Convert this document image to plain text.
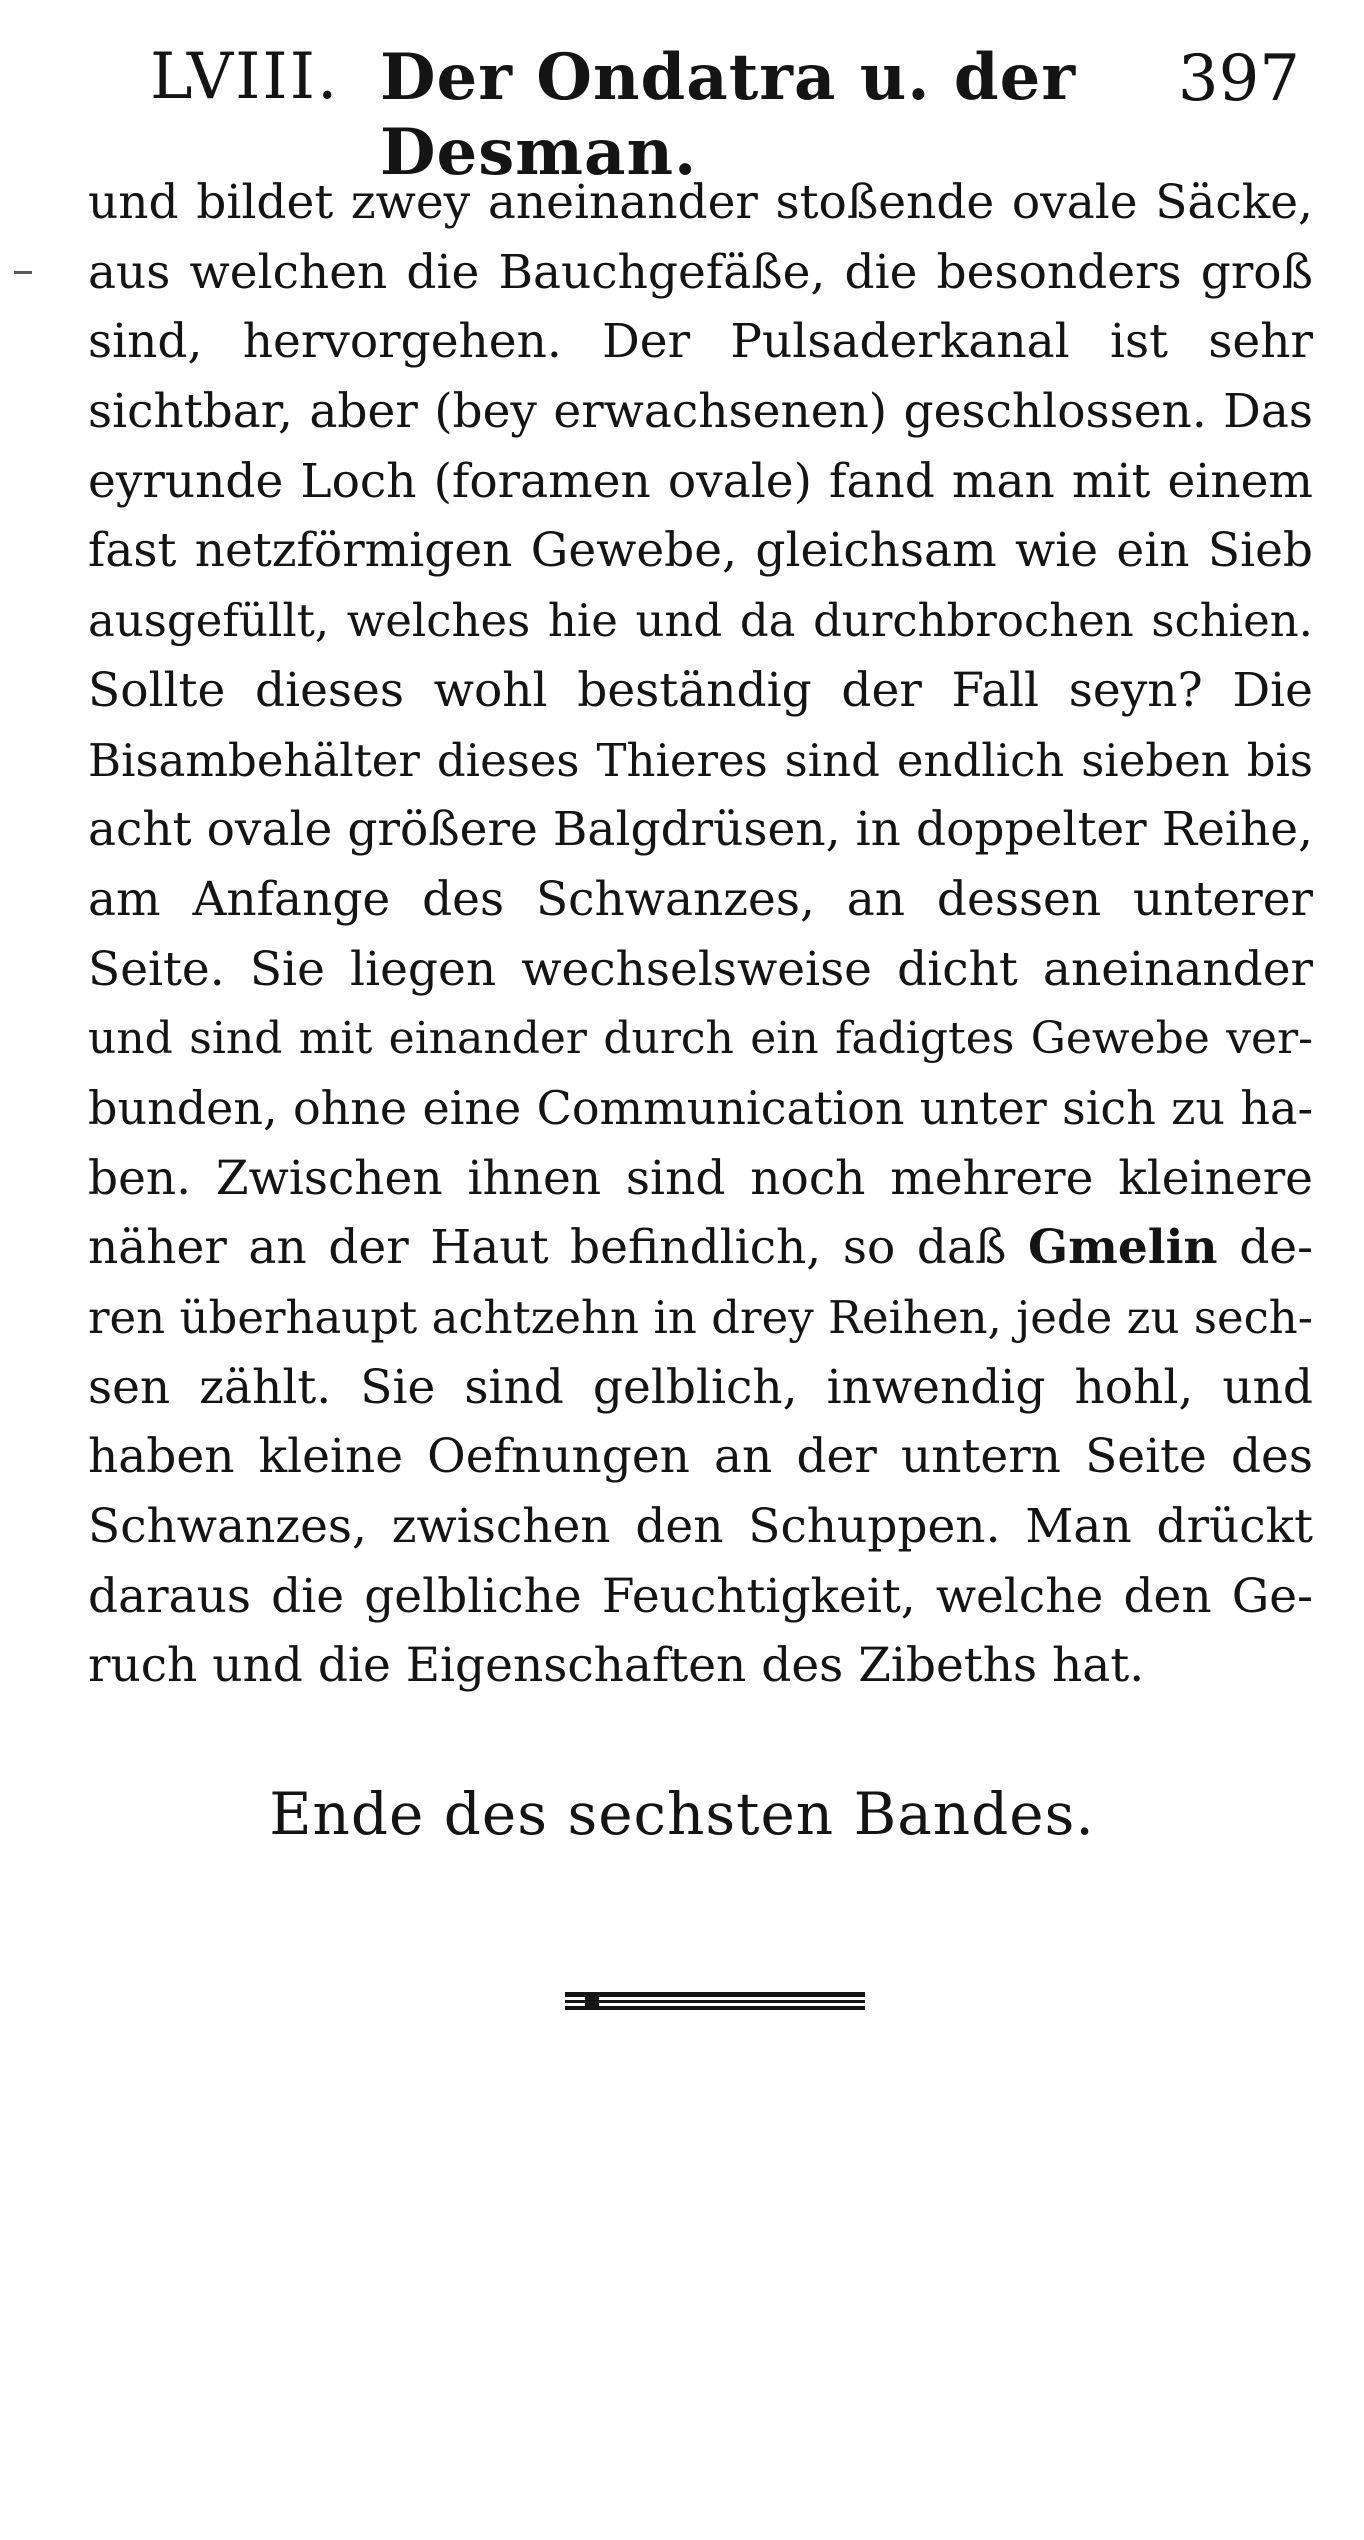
LVIII. Der Ondatra u. der Desman.
397
und bildet zwey aneinander stoßende ovale Säcke,
aus welchen die Bauchgefäße, die besonders groß
sind, hervorgehen. Der Pulsaderkanal ist sehr
sichtbar, aber (bey erwachsenen) geschlossen. Das
eyrunde Loch (foramen ovale) fand man mit einem
fast netzförmigen Gewebe, gleichsam wie ein Sieb
ausgefüllt, welches hie und da durchbrochen schien.
Sollte dieses wohl beständig der Fall seyn? Die
Bisambehälter dieses Thieres sind endlich sieben bis
acht ovale größere Balgdrüsen, in doppelter Reihe,
am Anfange des Schwanzes, an dessen unterer
Seite. Sie liegen wechselsweise dicht aneinander
und sind mit einander durch ein fadigtes Gewebe ver-
bunden, ohne eine Communication unter sich zu ha-
ben. Zwischen ihnen sind noch mehrere kleinere
näher an der Haut befindlich, so daß Gmelin de-
ren überhaupt achtzehn in drey Reihen, jede zu sech-
sen zählt. Sie sind gelblich, inwendig hohl, und
haben kleine Oefnungen an der untern Seite des
Schwanzes, zwischen den Schuppen. Man drückt
daraus die gelbliche Feuchtigkeit, welche den Ge-
ruch und die Eigenschaften des Zibeths hat.
Ende des sechsten Bandes.
